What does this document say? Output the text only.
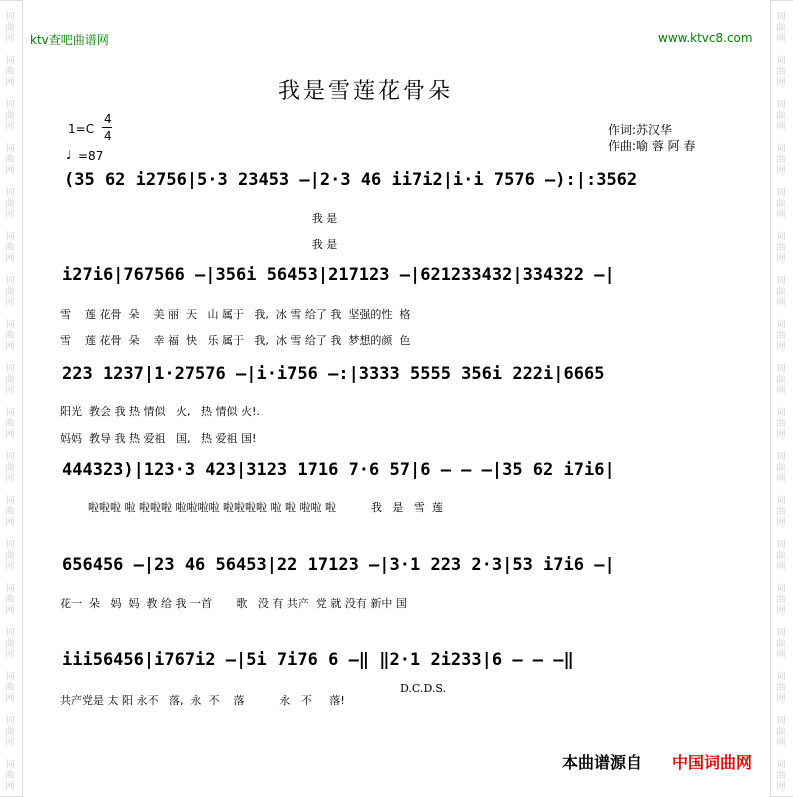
词
曲
网
词
曲
网
词
曲
网
词
曲
网
词
曲
网
词
曲
网
词
曲
网
词
曲
网
词
曲
网
词
曲
网
词
曲
网
词
曲
网
词
曲
网
词
曲
网
词
曲
网
词
曲
网
词
曲
网
词
曲
网
词
曲
网
词
曲
网
词
曲
网
词
曲
网
词
曲
网
词
曲
网
词
曲
网
词
曲
网
词
曲
网
词
曲
网
词
曲
网
词
曲
网
词
曲
网
词
曲
网
词
曲
网
词
曲
网
词
曲
网
词
曲
网
ktv查吧曲谱网	www.ktvc8.com
我是雪莲花骨朵
1=C
4
4
♩ =87
作词:苏汉华
作曲:喻 蓉 阿 春
(35 62 i2756|5·3 23453 –|2·3 46 ii7i2|i·i 7576 –):|:3562
我 是
我 是
i27i6|767566 –|356i 56453|217123 –|621233432|334322 –|
雪    莲 花骨  朵    美 丽  天   山 属于   我,  冰 雪 给了 我  坚强的性  格
雪    莲 花骨  朵    幸 福  快   乐 属于   我,  冰 雪 给了 我  梦想的颜  色
223 1237|1·27576 –|i·i756 –:|3333 5555 356i 222i|6665
阳光  教会 我 热 情似   火,   热 情似 火!.
妈妈  教导 我 热 爱祖   国,   热 爱祖 国!
444323)|123·3 423|3123 1716 7·6 57|6 – – –|35 62 i7i6|
啦啦啦 啦 啦啦啦 啦啦啦啦 啦啦啦啦 啦 啦 啦啦 啦          我   是   雪  莲
656456 –|23 46 56453|22 17123 –|3·1 223 2·3|53 i7i6 –|
花一  朵   妈  妈  教 给 我 一首       歌   没 有 共产  党 就 没有 新中 国
iii56456|i767i2 –|5i 7i76 6 –‖ ‖2·1 2i233|6 – – –‖
D.C.D.S.
共产党是 太 阳 永不   落,  永  不    落          永   不     落!
本曲谱源自 中国词曲网
